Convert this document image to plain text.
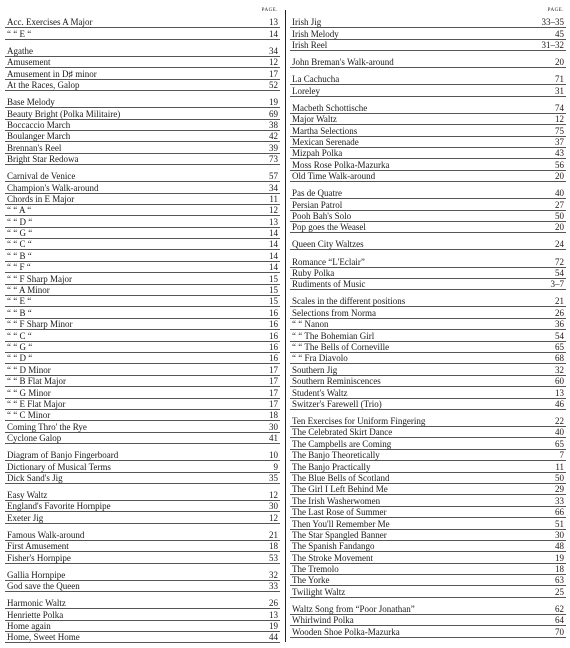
PAGE.
Acc. Exercises A Major	13
“ “ E “	14
Agathe	34
Amusement	12
Amusement in D♯ minor	17
At the Races, Galop	52
Base Melody	19
Beauty Bright (Polka Militaire)	69
Boccaccio March	38
Boulanger March	42
Brennan's Reel	39
Bright Star Redowa	73
Carnival de Venice	57
Champion's Walk-around	34
Chords in E Major	11
“ “ A “	12
“ “ D “	13
“ “ G “	14
“ “ C “	14
“ “ B “	14
“ “ F “	14
“ “ F Sharp Major	15
“ “ A Minor	15
“ “ E “	15
“ “ B “	16
“ “ F Sharp Minor	16
“ “ C “	16
“ “ G “	16
“ “ D “	16
“ “ D Minor	17
“ “ B Flat Major	17
“ “ G Minor	17
“ “ E Flat Major	17
“ “ C Minor	18
Coming Thro' the Rye	30
Cyclone Galop	41
Diagram of Banjo Fingerboard	10
Dictionary of Musical Terms	9
Dick Sand's Jig	35
Easy Waltz	12
England's Favorite Hornpipe	30
Exeter Jig	12
Famous Walk-around	21
First Amusement	18
Fisher's Hornpipe	53
Gallia Hornpipe	32
God save the Queen	33
Harmonic Waltz	26
Henriette Polka	13
Home again	19
Home, Sweet Home	44
PAGE.
Irish Jig	33–35
Irish Melody	45
Irish Reel	31–32
John Breman's Walk-around	20
La Cachucha	71
Loreley	31
Macbeth Schottische	74
Major Waltz	12
Martha Selections	75
Mexican Serenade	37
Mizpah Polka	43
Moss Rose Polka-Mazurka	56
Old Time Walk-around	20
Pas de Quatre	40
Persian Patrol	27
Pooh Bah's Solo	50
Pop goes the Weasel	20
Queen City Waltzes	24
Romance “L'Eclair”	72
Ruby Polka	54
Rudiments of Music	3–7
Scales in the different positions	21
Selections from Norma	26
“ “ Nanon	36
“ “ The Bohemian Girl	54
“ “ The Bells of Corneville	65
“ “ Fra Diavolo	68
Southern Jig	32
Southern Reminiscences	60
Student's Waltz	13
Switzer's Farewell (Trio)	46
Ten Exercises for Uniform Fingering	22
The Celebrated Skirt Dance	40
The Campbells are Coming	65
The Banjo Theoretically	7
The Banjo Practically	11
The Blue Bells of Scotland	50
The Girl I Left Behind Me	29
The Irish Washerwomen	33
The Last Rose of Summer	66
Then You'll Remember Me	51
The Star Spangled Banner	30
The Spanish Fandango	48
The Stroke Movement	19
The Tremolo	18
The Yorke	63
Twilight Waltz	25
Waltz Song from “Poor Jonathan”	62
Whirlwind Polka	64
Wooden Shoe Polka-Mazurka	70
